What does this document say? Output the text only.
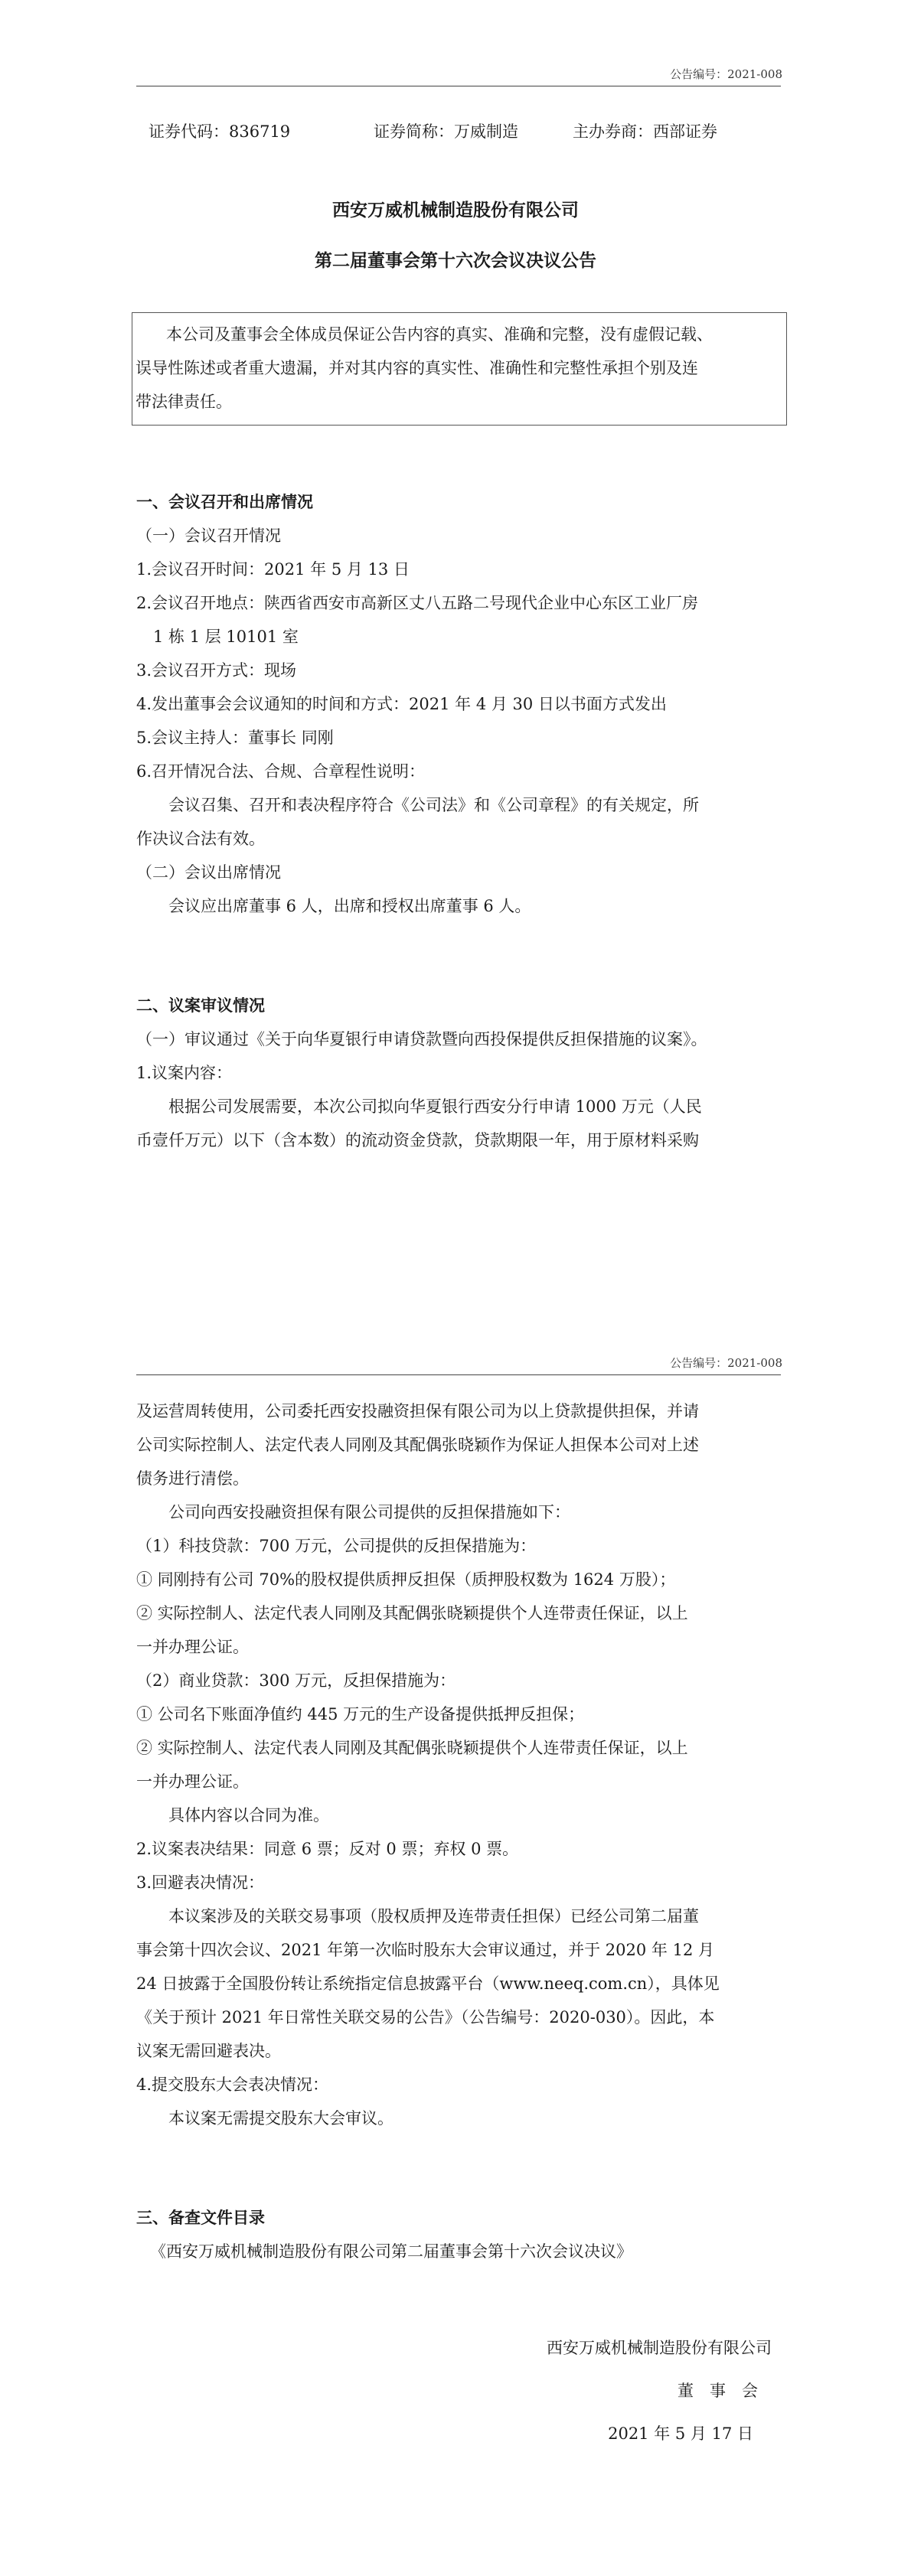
公告编号：2021-008
证券代码：836719	证券简称：万威制造	主办券商：西部证券
西安万威机械制造股份有限公司
第二届董事会第十六次会议决议公告
本公司及董事会全体成员保证公告内容的真实、准确和完整，没有虚假记载、
误导性陈述或者重大遗漏，并对其内容的真实性、准确性和完整性承担个别及连
带法律责任。
一、会议召开和出席情况
（一）会议召开情况
1.会议召开时间：2021 年 5 月 13 日
2.会议召开地点：陕西省西安市高新区丈八五路二号现代企业中心东区工业厂房
1 栋 1 层 10101 室
3.会议召开方式：现场
4.发出董事会会议通知的时间和方式：2021 年 4 月 30 日以书面方式发出
5.会议主持人：董事长 同刚
6.召开情况合法、合规、合章程性说明：
会议召集、召开和表决程序符合《公司法》和《公司章程》的有关规定，所
作决议合法有效。
（二）会议出席情况
会议应出席董事 6 人，出席和授权出席董事 6 人。
二、议案审议情况
（一）审议通过《关于向华夏银行申请贷款暨向西投保提供反担保措施的议案》。
1.议案内容：
根据公司发展需要，本次公司拟向华夏银行西安分行申请 1000 万元（人民
币壹仟万元）以下（含本数）的流动资金贷款，贷款期限一年，用于原材料采购
公告编号：2021-008
及运营周转使用，公司委托西安投融资担保有限公司为以上贷款提供担保，并请
公司实际控制人、法定代表人同刚及其配偶张晓颖作为保证人担保本公司对上述
债务进行清偿。
公司向西安投融资担保有限公司提供的反担保措施如下：
（1）科技贷款：700 万元，公司提供的反担保措施为：
① 同刚持有公司 70%的股权提供质押反担保（质押股权数为 1624 万股）；
② 实际控制人、法定代表人同刚及其配偶张晓颖提供个人连带责任保证，以上
一并办理公证。
（2）商业贷款：300 万元，反担保措施为：
① 公司名下账面净值约 445 万元的生产设备提供抵押反担保；
② 实际控制人、法定代表人同刚及其配偶张晓颖提供个人连带责任保证，以上
一并办理公证。
具体内容以合同为准。
2.议案表决结果：同意 6 票；反对 0 票；弃权 0 票。
3.回避表决情况：
本议案涉及的关联交易事项（股权质押及连带责任担保）已经公司第二届董
事会第十四次会议、2021 年第一次临时股东大会审议通过，并于 2020 年 12 月
24 日披露于全国股份转让系统指定信息披露平台（www.neeq.com.cn），具体见
《关于预计 2021 年日常性关联交易的公告》（公告编号：2020-030）。因此，本
议案无需回避表决。
4.提交股东大会表决情况：
本议案无需提交股东大会审议。
三、备查文件目录
《西安万威机械制造股份有限公司第二届董事会第十六次会议决议》
西安万威机械制造股份有限公司
董　事　会
2021 年 5 月 17 日
